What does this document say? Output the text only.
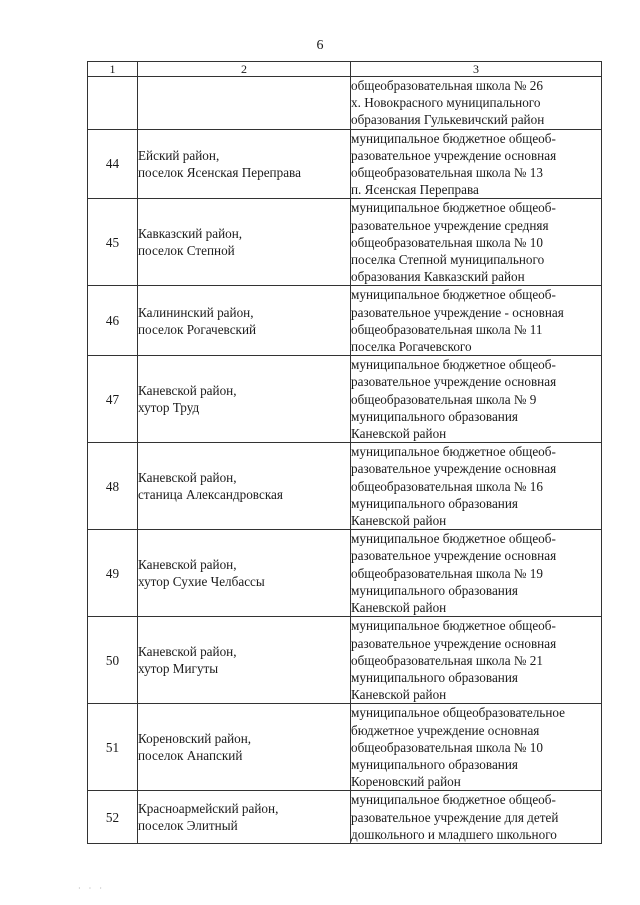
6
1	2	3

		общеобразовательная школа № 26
х. Новокрасного муниципального
образования Гулькевичский район

44	Ейский район,
поселок Ясенская Переправа	муниципальное бюджетное общеоб-
разовательное учреждение основная
общеобразовательная школа № 13
п. Ясенская Переправа

45	Кавказский район,
поселок Степной	муниципальное бюджетное общеоб-
разовательное учреждение средняя
общеобразовательная школа № 10
поселка Степной муниципального
образования Кавказский район

46	Калининский район,
поселок Рогачевский	муниципальное бюджетное общеоб-
разовательное учреждение - основная
общеобразовательная школа № 11
поселка Рогачевского

47	Каневской район,
хутор Труд	муниципальное бюджетное общеоб-
разовательное учреждение основная
общеобразовательная школа № 9
муниципального образования
Каневской район

48	Каневской район,
станица Александровская	муниципальное бюджетное общеоб-
разовательное учреждение основная
общеобразовательная школа № 16
муниципального образования
Каневской район

49	Каневской район,
хутор Сухие Челбассы	муниципальное бюджетное общеоб-
разовательное учреждение основная
общеобразовательная школа № 19
муниципального образования
Каневской район

50	Каневской район,
хутор Мигуты	муниципальное бюджетное общеоб-
разовательное учреждение основная
общеобразовательная школа № 21
муниципального образования
Каневской район

51	Кореновский район,
поселок Анапский	муниципальное общеобразовательное
бюджетное учреждение основная
общеобразовательная школа № 10
муниципального образования
Кореновский район

52	Красноармейский район,
поселок Элитный	муниципальное бюджетное общеоб-
разовательное учреждение для детей
дошкольного и младшего школьного
· · ·
